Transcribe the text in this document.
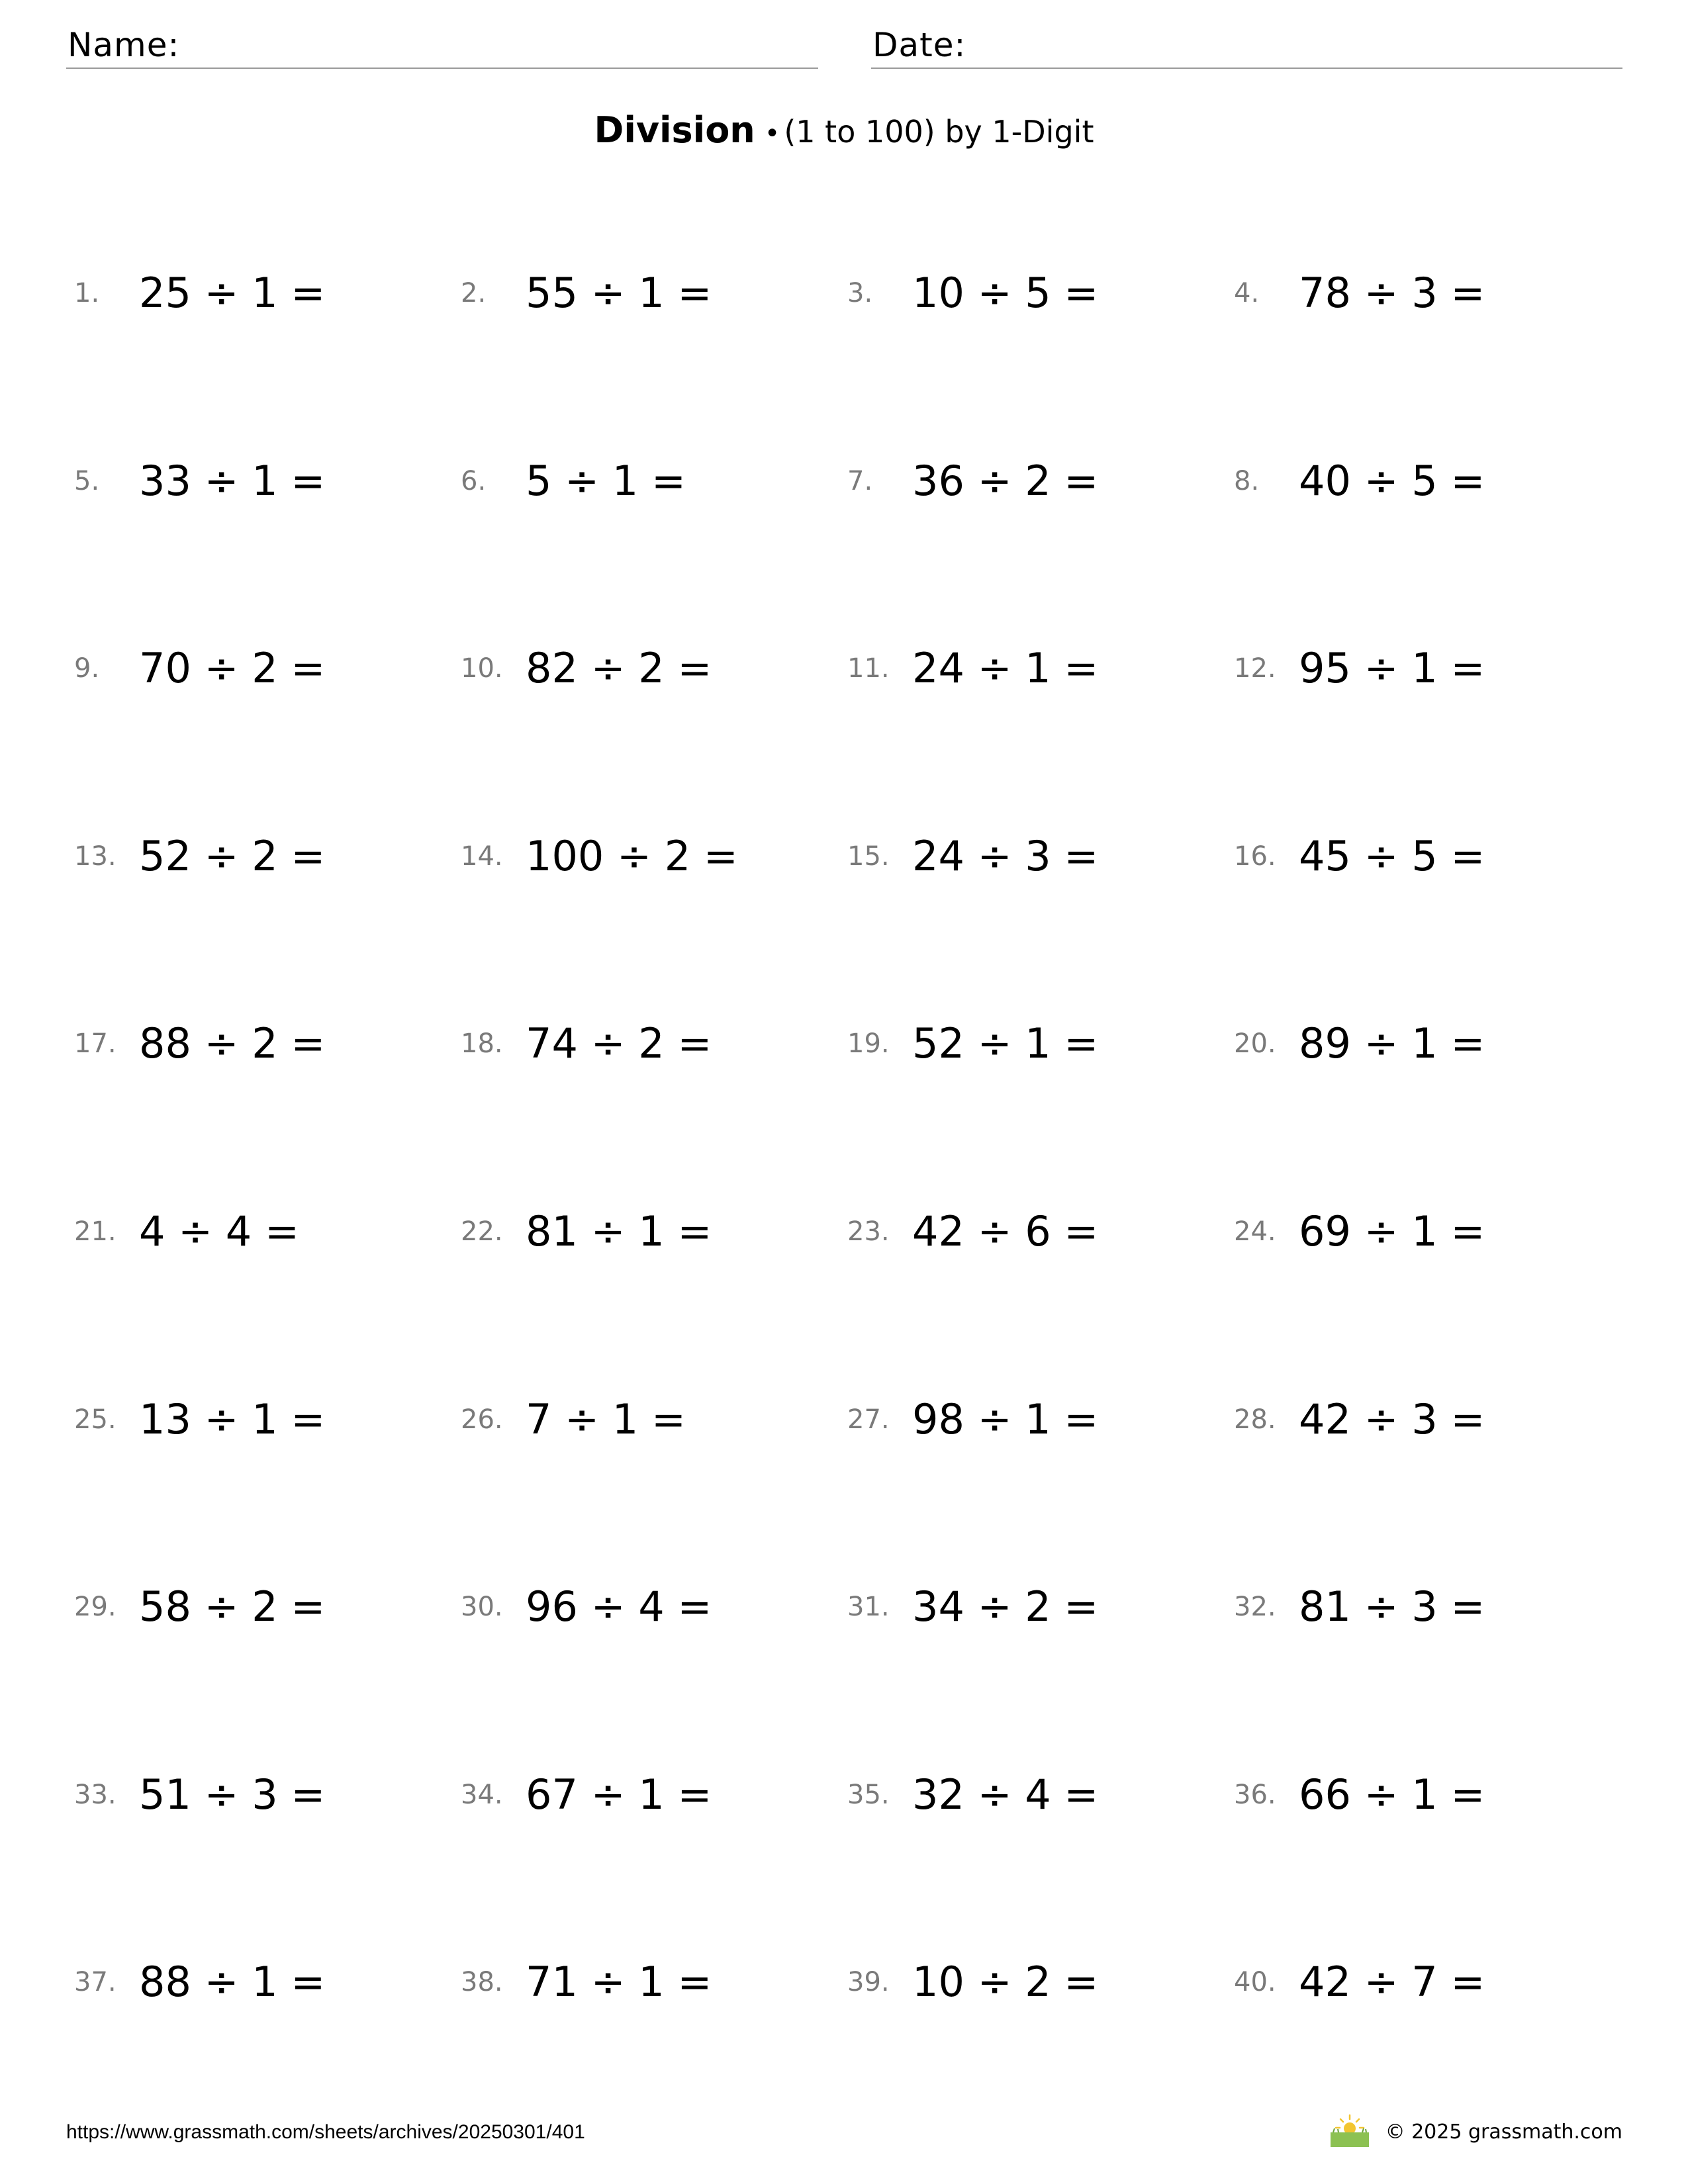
Name:	Date:
Division • (1 to 100) by 1-Digit
1. 25 ÷ 1 =	2. 55 ÷ 1 =	3. 10 ÷ 5 =	4. 78 ÷ 3 =
5. 33 ÷ 1 =	6. 5 ÷ 1 =	7. 36 ÷ 2 =	8. 40 ÷ 5 =
9. 70 ÷ 2 =	10. 82 ÷ 2 =	11. 24 ÷ 1 =	12. 95 ÷ 1 =
13. 52 ÷ 2 =	14. 100 ÷ 2 =	15. 24 ÷ 3 =	16. 45 ÷ 5 =
17. 88 ÷ 2 =	18. 74 ÷ 2 =	19. 52 ÷ 1 =	20. 89 ÷ 1 =
21. 4 ÷ 4 =	22. 81 ÷ 1 =	23. 42 ÷ 6 =	24. 69 ÷ 1 =
25. 13 ÷ 1 =	26. 7 ÷ 1 =	27. 98 ÷ 1 =	28. 42 ÷ 3 =
29. 58 ÷ 2 =	30. 96 ÷ 4 =	31. 34 ÷ 2 =	32. 81 ÷ 3 =
33. 51 ÷ 3 =	34. 67 ÷ 1 =	35. 32 ÷ 4 =	36. 66 ÷ 1 =
37. 88 ÷ 1 =	38. 71 ÷ 1 =	39. 10 ÷ 2 =	40. 42 ÷ 7 =
https://www.grassmath.com/sheets/archives/20250301/401	© 2025 grassmath.com
